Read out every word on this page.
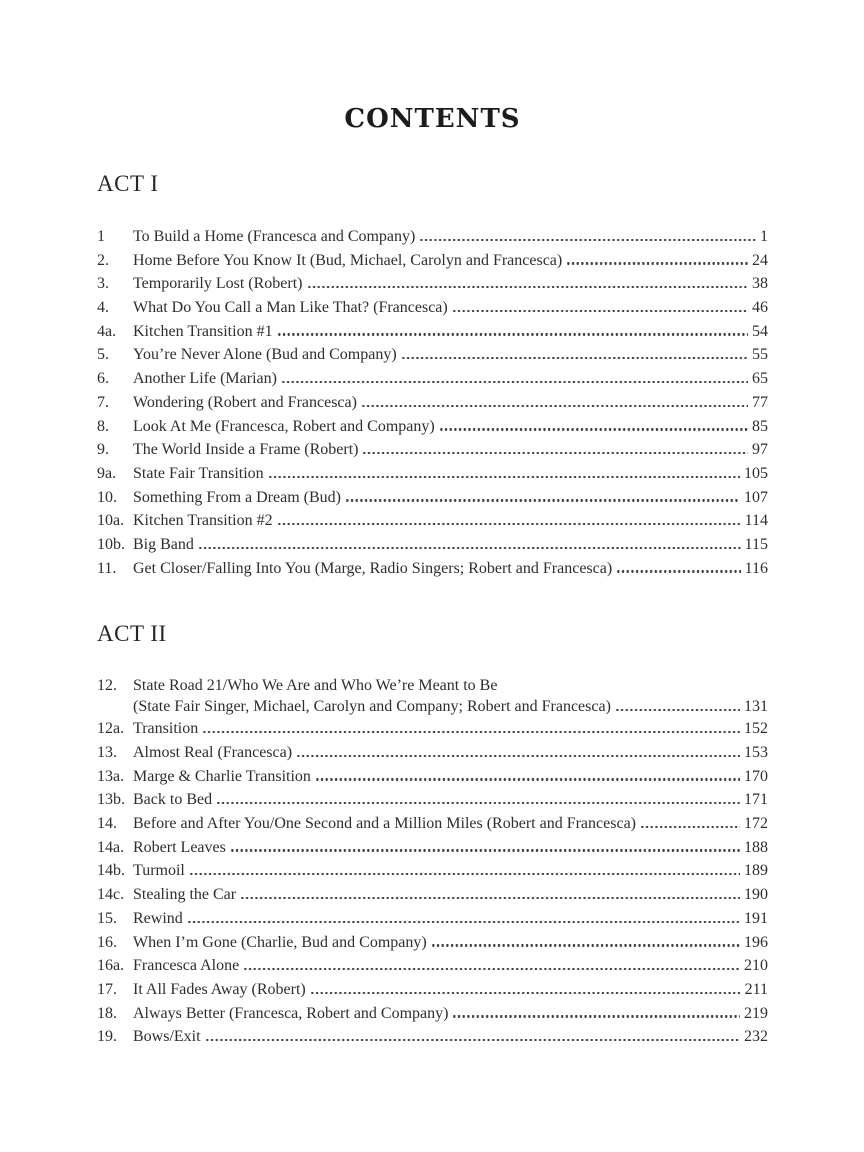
CONTENTS
ACT I
1	To Build a Home (Francesca and Company)	1
2.	Home Before You Know It (Bud, Michael, Carolyn and Francesca)	24
3.	Temporarily Lost (Robert)	38
4.	What Do You Call a Man Like That? (Francesca)	46
4a.	Kitchen Transition #1	54
5.	You’re Never Alone (Bud and Company)	55
6.	Another Life (Marian)	65
7.	Wondering (Robert and Francesca)	77
8.	Look At Me (Francesca, Robert and Company)	85
9.	The World Inside a Frame (Robert)	97
9a.	State Fair Transition	105
10.	Something From a Dream (Bud)	107
10a. Kitchen Transition #2	114
10b. Big Band	115
11.	Get Closer/Falling Into You (Marge, Radio Singers; Robert and Francesca)	116
ACT II
12.	State Road 21/Who We Are and Who We’re Meant to Be
(State Fair Singer, Michael, Carolyn and Company; Robert and Francesca)	131
12a. Transition	152
13.	Almost Real (Francesca)	153
13a. Marge & Charlie Transition	170
13b. Back to Bed	171
14.	Before and After You/One Second and a Million Miles (Robert and Francesca)	172
14a. Robert Leaves	188
14b. Turmoil	189
14c. Stealing the Car	190
15.	Rewind	191
16.	When I’m Gone (Charlie, Bud and Company)	196
16a. Francesca Alone	210
17.	It All Fades Away (Robert)	211
18.	Always Better (Francesca, Robert and Company)	219
19.	Bows/Exit	232
